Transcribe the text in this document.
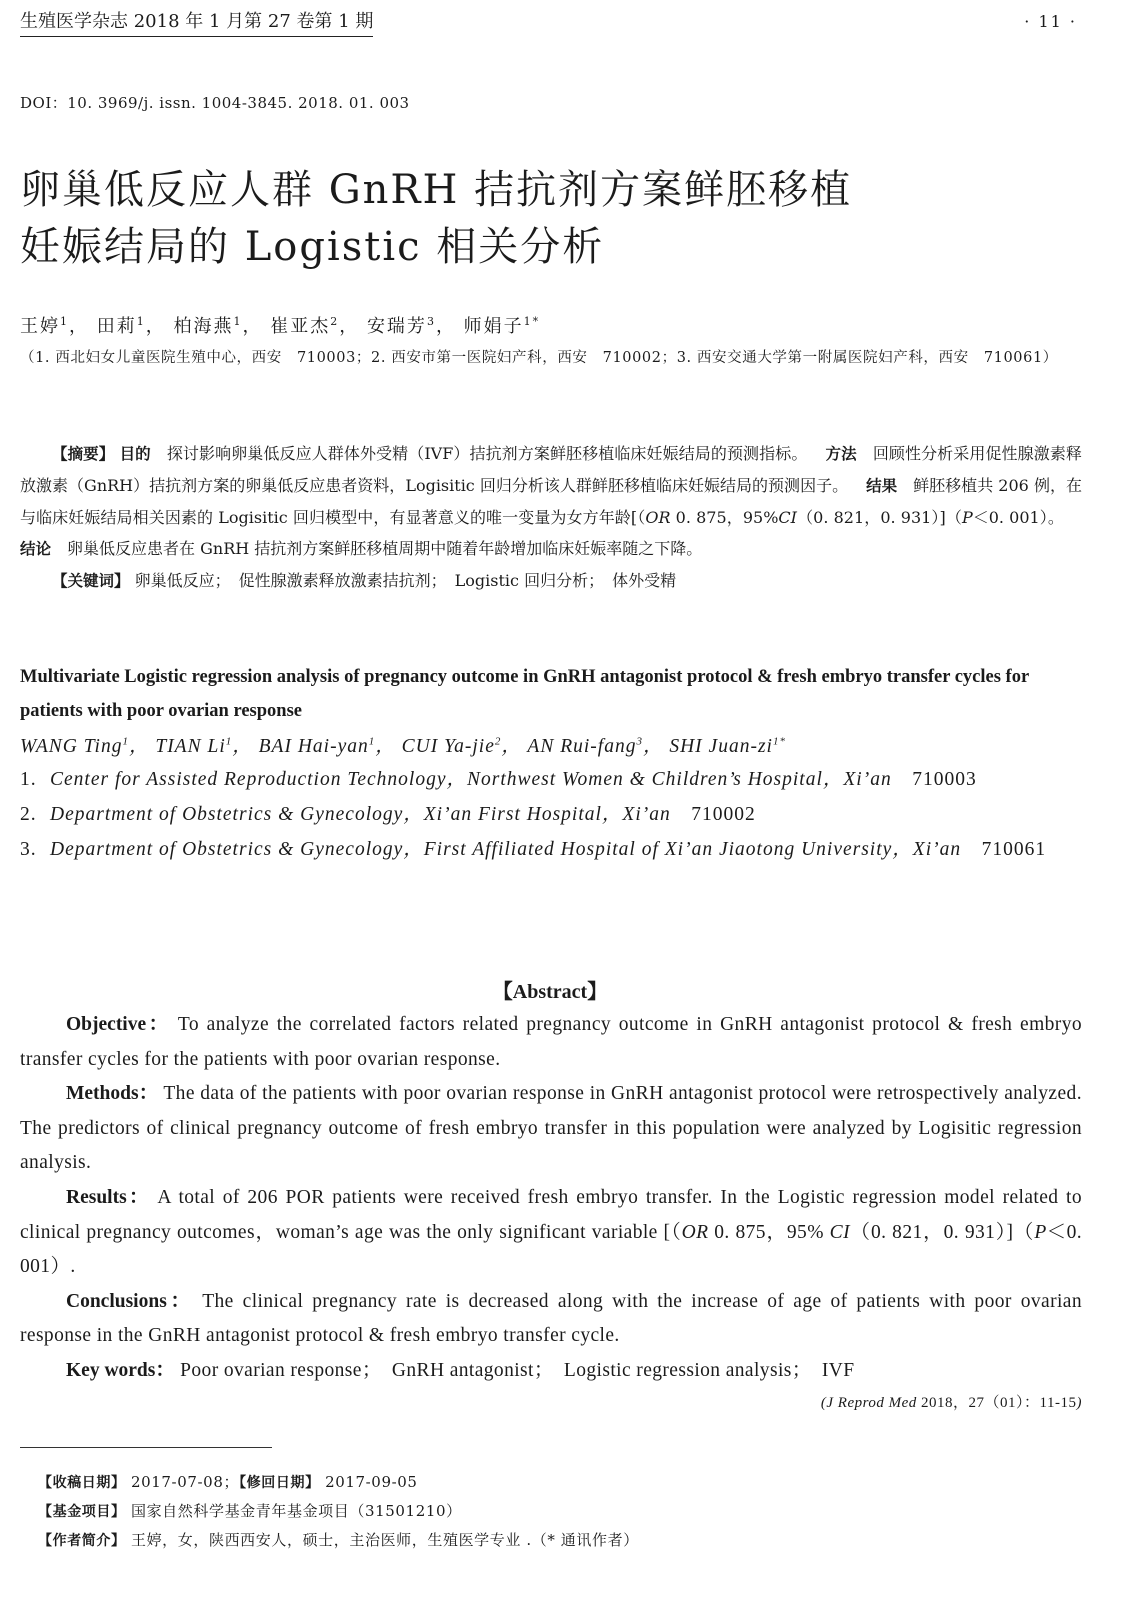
生殖医学杂志 2018 年 1 月第 27 卷第 1 期	· 11 ·
DOI：10. 3969/j. issn. 1004-3845. 2018. 01. 003
卵巢低反应人群 GnRH 拮抗剂方案鲜胚移植
妊娠结局的 Logistic 相关分析
王婷$^1$， 田莉$^1$， 柏海燕$^1$， 崔亚杰$^2$， 安瑞芳$^3$， 师娟子$^{1*}$
（1. 西北妇女儿童医院生殖中心，西安　710003；2. 西安市第一医院妇产科，西安　710002；3. 西安交通大学第一附属医院妇产科，西安　710061）

【摘要】 目的　 探讨影响卵巢低反应人群体外受精（IVF）拮抗剂方案鲜胚移植临床妊娠结局的预测指标。 方法　 回顾性分析采用促性腺激素释放激素（GnRH）拮抗剂方案的卵巢低反应患者资料，Logisitic 回归分析该人群鲜胚移植临床妊娠结局的预测因子。 结果　 鲜胚移植共 206 例，在与临床妊娠结局相关因素的 Logisitic 回归模型中，有显著意义的唯一变量为女方年龄[（OR 0. 875，95%CI（0. 821，0. 931）]（P＜0. 001）。结论　 卵巢低反应患者在 GnRH 拮抗剂方案鲜胚移植周期中随着年龄增加临床妊娠率随之下降。

【关键词】 卵巢低反应；　 促性腺激素释放激素拮抗剂；　 Logistic 回归分析；　 体外受精

Multivariate Logistic regression analysis of pregnancy outcome in GnRH antagonist protocol & fresh embryo transfer cycles for patients with poor ovarian response
WANG Ting$^1$， TIAN Li$^1$， BAI Hai-yan$^1$， CUI Ya-jie$^2$， AN Rui-fang$^3$， SHI Juan-$zi^{1*}$
1. Center for Assisted Reproduction Technology，Northwest Women & Children’s Hospital，Xi’an　 710003
2. Department of Obstetrics & Gynecology，Xi’an First Hospital，Xi’an　 710002
3. Department of Obstetrics & Gynecology，First Affiliated Hospital of Xi’an Jiaotong University，Xi’an　 710061
【Abstract】

Objective： To analyze the correlated factors related pregnancy outcome in GnRH antagonist protocol & fresh embryo transfer cycles for the patients with poor ovarian response.

Methods： The data of the patients with poor ovarian response in GnRH antagonist protocol were retrospectively analyzed. The predictors of clinical pregnancy outcome of fresh embryo transfer in this population were analyzed by Logisitic regression analysis.

Results： A total of 206 POR patients were received fresh embryo transfer. In the Logistic regression model related to clinical pregnancy outcomes，woman’s age was the only significant variable [（OR 0. 875，95% CI（0. 821，0. 931）]（P＜0. 001）.

Conclusions： The clinical pregnancy rate is decreased along with the increase of age of patients with poor ovarian response in the GnRH antagonist protocol & fresh embryo transfer cycle.

Key words： Poor ovarian response；　 GnRH antagonist；　 Logistic regression analysis；　 IVF

(J Reprod Med 2018，27（01）：11-15)
【收稿日期】 2017-07-08；【修回日期】 2017-09-05
【基金项目】 国家自然科学基金青年基金项目（31501210）
【作者简介】 王婷，女，陕西西安人，硕士，主治医师，生殖医学专业 .（* 通讯作者）
